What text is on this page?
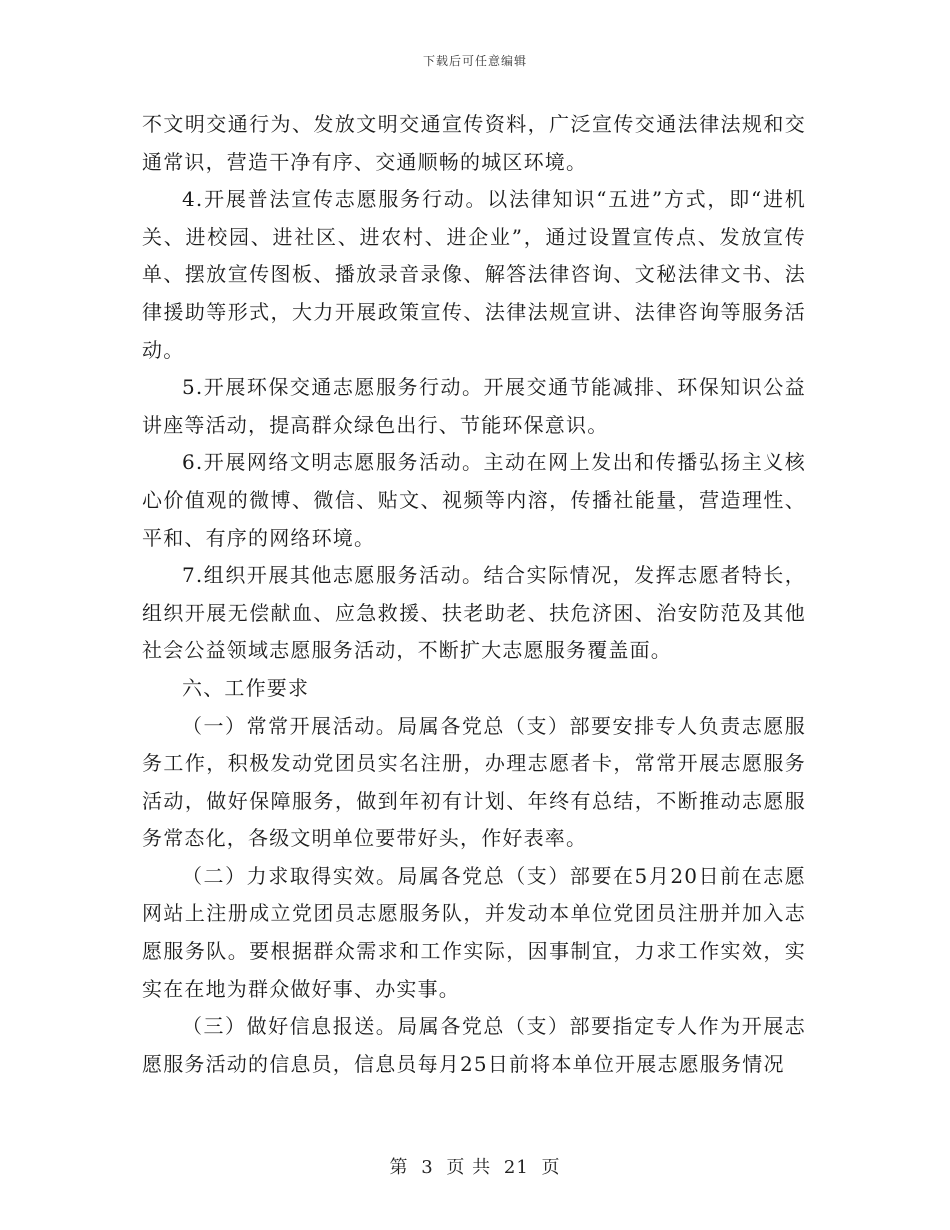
下载后可任意编辑

不文明交通行为、发放文明交通宣传资料，广泛宣传交通法律法规和交通常识，营造干净有序、交通顺畅的城区环境。

4.开展普法宣传志愿服务行动。以法律知识“五进”方式，即“进机关、进校园、进社区、进农村、进企业”，通过设置宣传点、发放宣传单、摆放宣传图板、播放录音录像、解答法律咨询、文秘法律文书、法律援助等形式，大力开展政策宣传、法律法规宣讲、法律咨询等服务活动。

5.开展环保交通志愿服务行动。开展交通节能减排、环保知识公益讲座等活动，提高群众绿色出行、节能环保意识。

6.开展网络文明志愿服务活动。主动在网上发出和传播弘扬主义核心价值观的微博、微信、贴文、视频等内溶，传播社能量，营造理性、平和、有序的网络环境。

7.组织开展其他志愿服务活动。结合实际情况，发挥志愿者特长，组织开展无偿献血、应急救援、扶老助老、扶危济困、治安防范及其他社会公益领域志愿服务活动，不断扩大志愿服务覆盖面。

六、工作要求

（一）常常开展活动。局属各党总（支）部要安排专人负责志愿服务工作，积极发动党团员实名注册，办理志愿者卡，常常开展志愿服务活动，做好保障服务，做到年初有计划、年终有总结，不断推动志愿服务常态化，各级文明单位要带好头，作好表率。

（二）力求取得实效。局属各党总（支）部要在5月20日前在志愿网站上注册成立党团员志愿服务队，并发动本单位党团员注册并加入志愿服务队。要根据群众需求和工作实际，因事制宜，力求工作实效，实实在在地为群众做好事、办实事。

（三）做好信息报送。局属各党总（支）部要指定专人作为开展志愿服务活动的信息员，信息员每月25日前将本单位开展志愿服务情况

第 3 页 共 21 页
